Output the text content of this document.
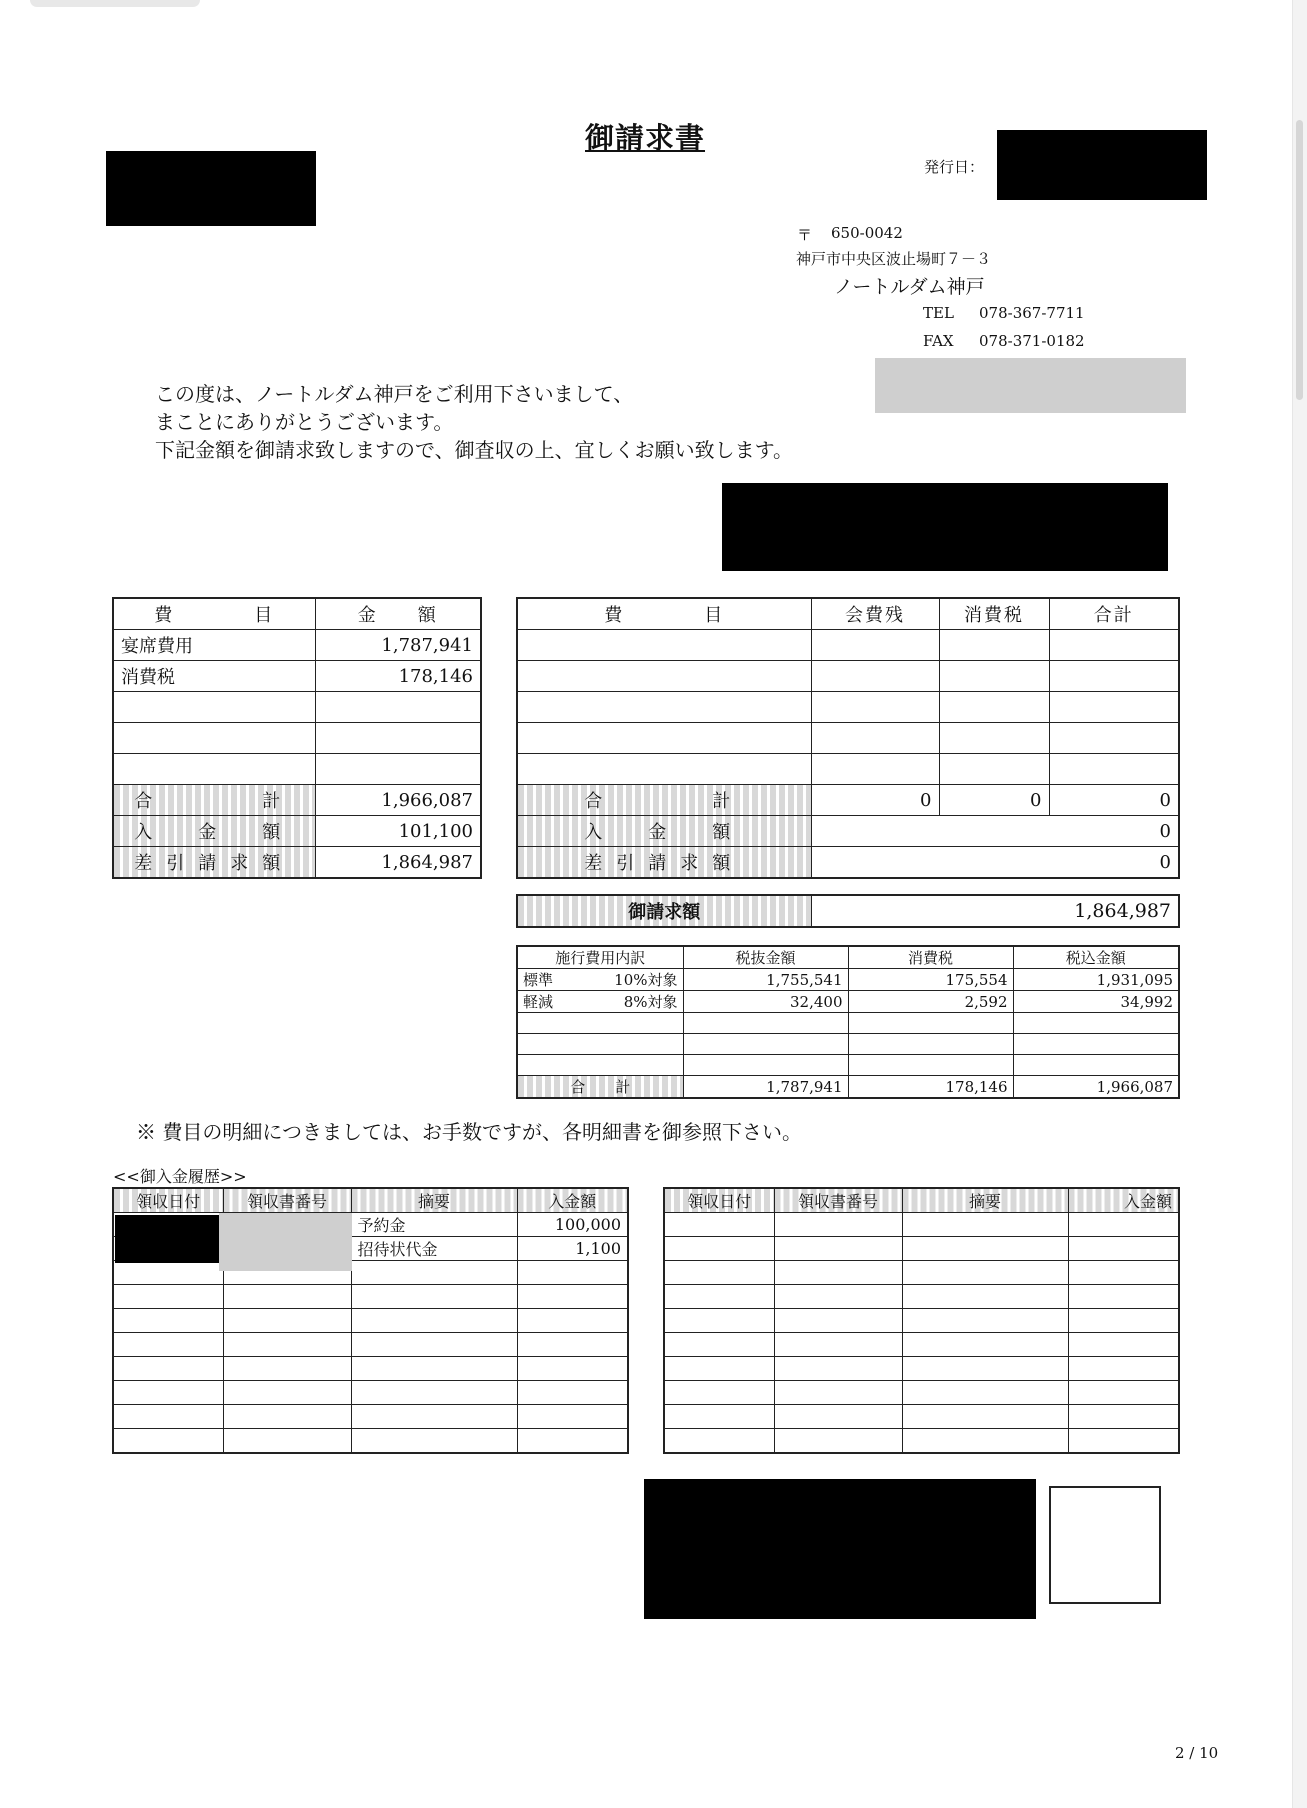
御請求書
発行日：
〒 650-0042
神戸市中央区波止場町７－３
ノートルダム神戸
TEL 078-367-7711
FAX 078-371-0182
この度は、ノートルダム神戸をご利用下さいまして、
まことにありがとうございます。
下記金額を御請求致しますので、御査収の上、宜しくお願い致します。
費　　　　目	金　　額
宴席費用	1,787,941
消費税	178,146

合　　　計	1,966,087
入　金　額	101,100
差引請求額	1,864,987
費　　　　目	会費残	消費税	合計

合　　　計	0	0	0
入　金　額	0		
差引請求額	0		
御請求額	1,864,987
施行費用内訳		税抜金額	消費税	税込金額
標準	10%対象	1,755,541	175,554	1,931,095
軽減	8%対象	32,400	2,592	34,992

合　　計		1,787,941	178,146	1,966,087
※ 費目の明細につきましては、お手数ですが、各明細書を御参照下さい。
<<御入金履歴>>
領収日付	領収書番号	摘要	入金額
		予約金	100,000
		招待状代金	1,100

領収日付	領収書番号	摘要	入金額

2 / 10
